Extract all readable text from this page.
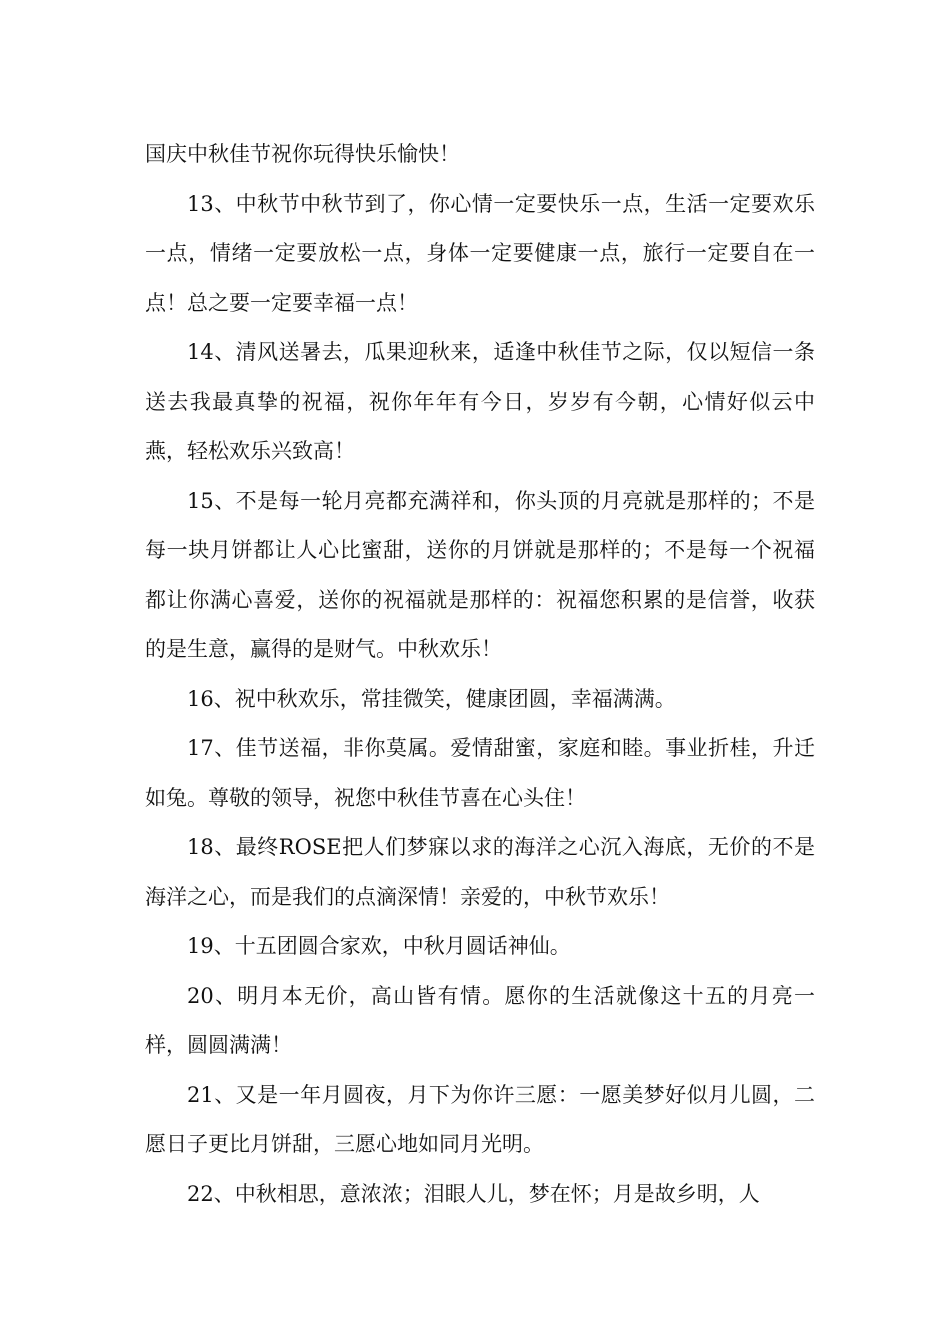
国庆中秋佳节祝你玩得快乐愉快！

13、中秋节中秋节到了，你心情一定要快乐一点，生活一定要欢乐一点，情绪一定要放松一点，身体一定要健康一点，旅行一定要自在一点！总之要一定要幸福一点！

14、清风送暑去，瓜果迎秋来，适逢中秋佳节之际，仅以短信一条送去我最真挚的祝福，祝你年年有今日，岁岁有今朝，心情好似云中燕，轻松欢乐兴致高！

15、不是每一轮月亮都充满祥和，你头顶的月亮就是那样的；不是每一块月饼都让人心比蜜甜，送你的月饼就是那样的；不是每一个祝福都让你满心喜爱，送你的祝福就是那样的：祝福您积累的是信誉，收获的是生意，赢得的是财气。中秋欢乐！

16、祝中秋欢乐，常挂微笑，健康团圆，幸福满满。

17、佳节送福，非你莫属。爱情甜蜜，家庭和睦。事业折桂，升迁如兔。尊敬的领导，祝您中秋佳节喜在心头住！

18、最终ROSE把人们梦寐以求的海洋之心沉入海底，无价的不是海洋之心，而是我们的点滴深情！亲爱的，中秋节欢乐！

19、十五团圆合家欢，中秋月圆话神仙。

20、明月本无价，高山皆有情。愿你的生活就像这十五的月亮一样，圆圆满满！

21、又是一年月圆夜，月下为你许三愿：一愿美梦好似月儿圆，二愿日子更比月饼甜，三愿心地如同月光明。

22、中秋相思，意浓浓；泪眼人儿，梦在怀；月是故乡明，人
